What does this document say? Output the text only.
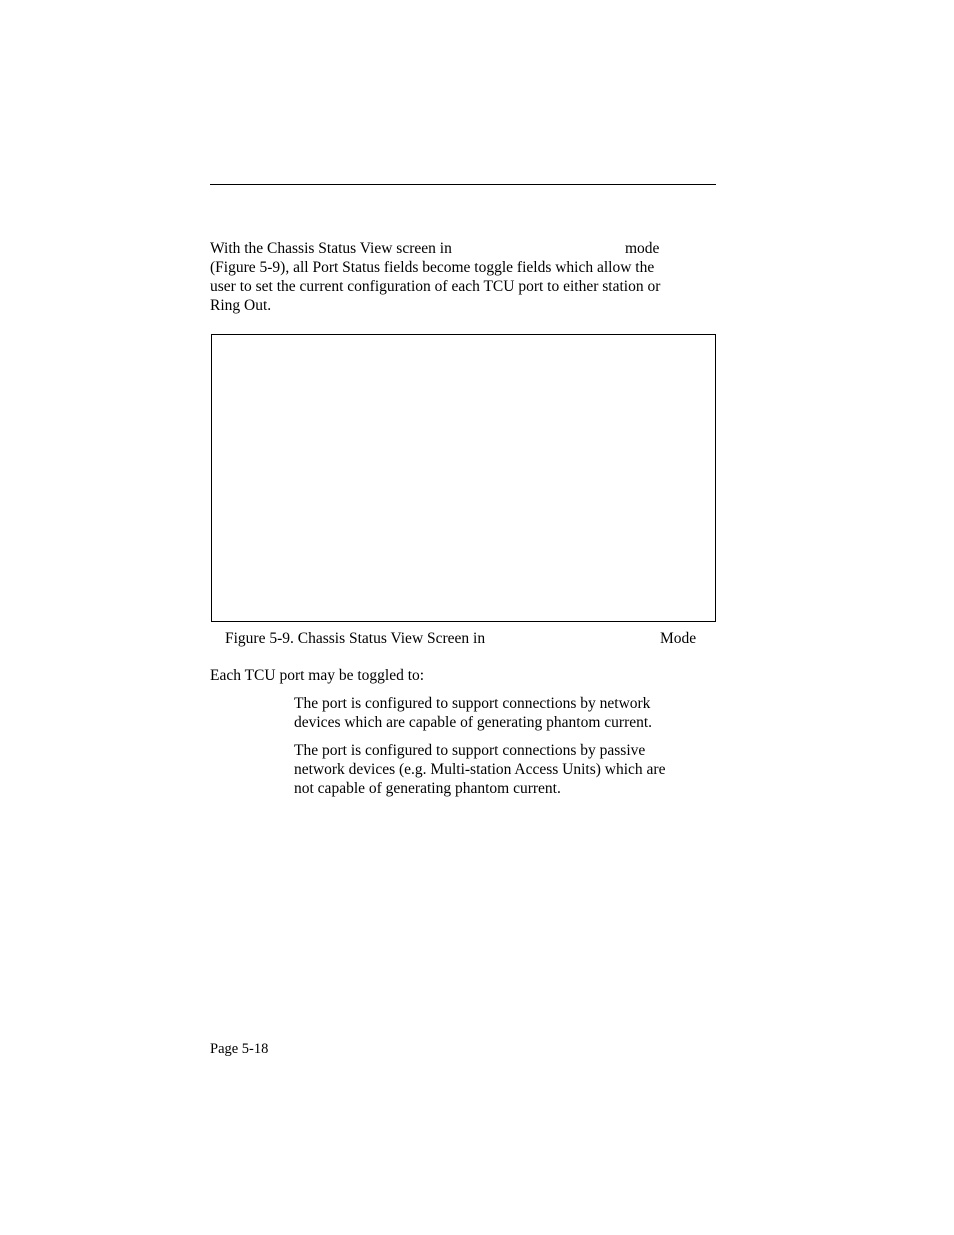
With the Chassis Status View screen in	mode

(Figure 5-9), all Port Status fields become toggle fields which allow the
user to set the current configuration of each TCU port to either station or
Ring Out.

Figure 5-9. Chassis Status View Screen in	Mode

Each TCU port may be toggled to:

The port is configured to support connections by network
devices which are capable of generating phantom current.
The port is configured to support connections by passive
network devices (e.g. Multi-station Access Units) which are
not capable of generating phantom current.

Page 5-18
